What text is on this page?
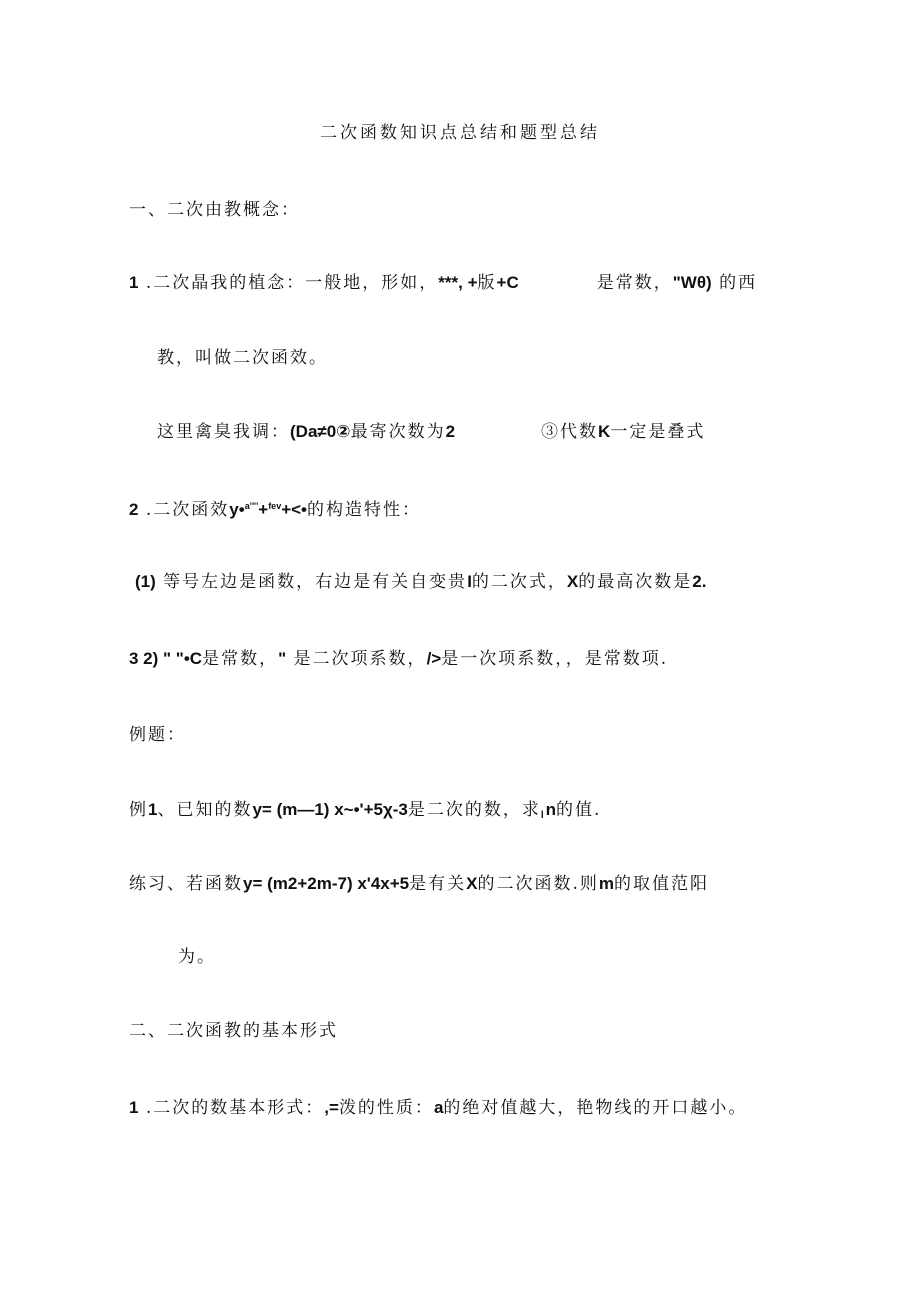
二次函数知识点总结和题型总结
一、二次由教概念：
1 .二次晶我的植念：一般地，形如，***, +版+C	是常数，"Wθ) 的西
教，叫做二次函效。
这里禽臭我调：(Da≠0②最寄次数为2	③代数K一定是叠式
2 .二次函效y•$^{a'"'}$+$^{fev}$+<•的构造特性：
(1) 等号左边是函数，右边是有关自变贵I的二次式，X的最高次数是2.
3 2) " "•C是常数，" 是二次项系数，/>是一次项系数，，是常数项.
例题：
例1、已知的数y= (m—1) x~•'+5χ-3是二次的数，求$_l$n的值.
练习、若函数y= (m2+2m-7) x'4x+5是有关X的二次函数.则m的取值范阳
为。
二、二次函教的基本形式
1 .二次的数基本形式：,=泼的性质：a的绝对值越大，艳物线的开口越小。
